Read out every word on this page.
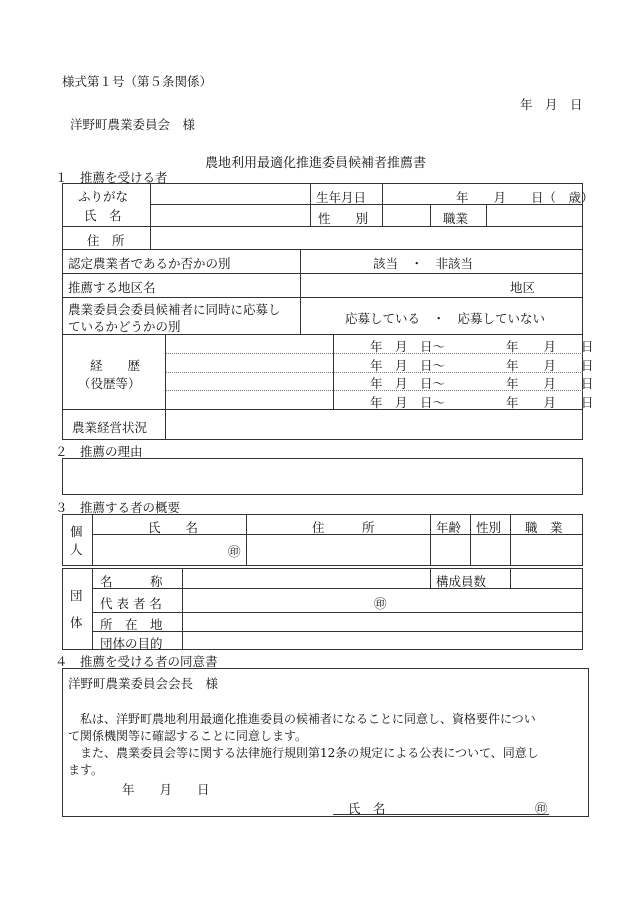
様式第１号（第５条関係）
年　月　日
洋野町農業委員会　様
農地利用最適化推進委員候補者推薦書
１　推薦を受ける者
ふりがな
氏　名
生年月日	年　　月　　日（　歳）
性　　別	職業
住　所
認定農業者であるか否かの別	該当　・　非該当
推薦する地区名	地区
農業委員会委員候補者に同時に応募し
ているかどうかの別
応募している　・　応募していない
経　　歴
（役歴等）
年　月　日〜	年　　月　　日
年　月　日〜	年　　月　　日
年　月　日〜	年　　月　　日
年　月　日〜	年　　月　　日
農業経営状況
２　推薦の理由
３　推薦する者の概要
個
人
氏　　名	住　　　所	年齢 性別 職　業
㊞
団
体
名　　　称	構成員数
代 表 者 名	㊞
所　在　地
団体の目的
４　推薦を受ける者の同意書
洋野町農業委員会会長　様
私は、洋野町農地利用最適化推進委員の候補者になることに同意し、資格要件につい
て関係機関等に確認することに同意します。
また、農業委員会等に関する法律施行規則第12条の規定による公表について、同意し
ます。
年　　月　　日
氏　名	㊞
